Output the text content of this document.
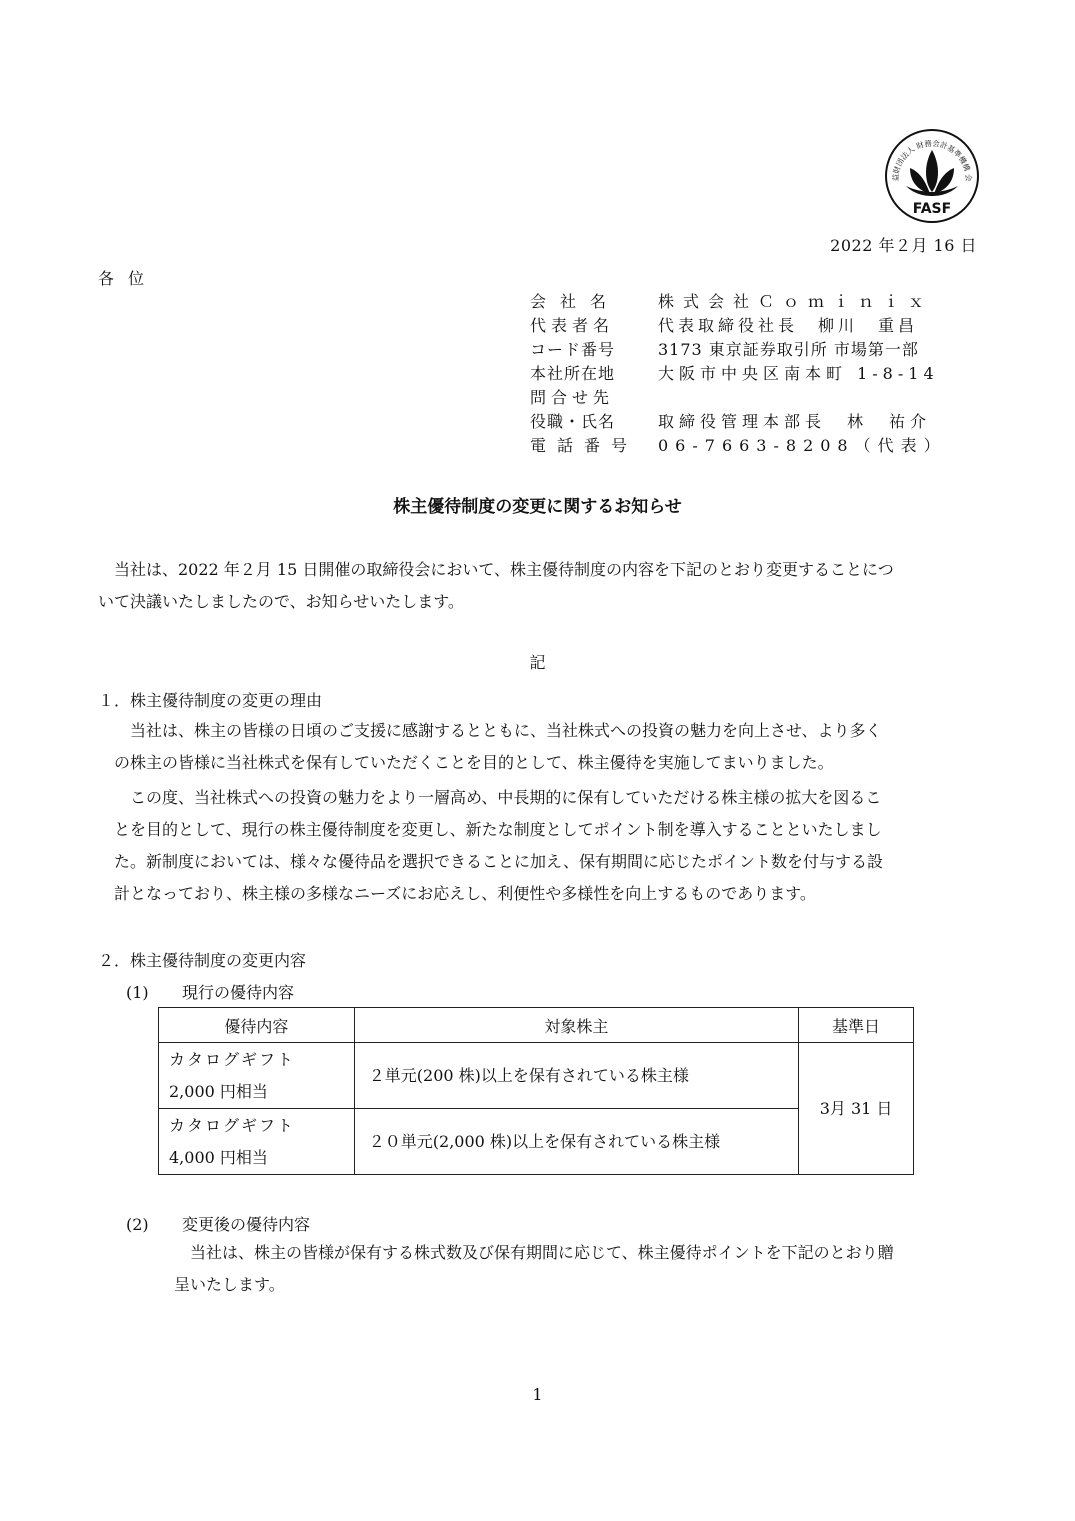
益財団法人 財務会計基準機構 会
FASF
2022 年２月 16 日
各位
会社名	株式会社Ｃｏｍｉｎｉｘ
代表者名	代表取締役社長　柳川　重昌
コード番号	3173 東京証券取引所 市場第一部
本社所在地	大阪市中央区南本町 1-8-14
問合せ先
役職・氏名	取締役管理本部長　林　祐介
電話番号	06-7663-8208（代表）
株主優待制度の変更に関するお知らせ
当社は、2022 年２月 15 日開催の取締役会において、株主優待制度の内容を下記のとおり変更することにつ
いて決議いたしましたので、お知らせいたします。
記
１．株主優待制度の変更の理由
当社は、株主の皆様の日頃のご支援に感謝するとともに、当社株式への投資の魅力を向上させ、より多く
の株主の皆様に当社株式を保有していただくことを目的として、株主優待を実施してまいりました。
この度、当社株式への投資の魅力をより一層高め、中長期的に保有していただける株主様の拡大を図るこ
とを目的として、現行の株主優待制度を変更し、新たな制度としてポイント制を導入することといたしまし
た。新制度においては、様々な優待品を選択できることに加え、保有期間に応じたポイント数を付与する設
計となっており、株主様の多様なニーズにお応えし、利便性や多様性を向上するものであります。
２．株主優待制度の変更内容
(1) 現行の優待内容
優待内容	対象株主	基準日

カタログギフト
2,000 円相当	２単元(200 株)以上を保有されている株主様	3月 31 日

カタログギフト
4,000 円相当	２０単元(2,000 株)以上を保有されている株主様	
(2) 変更後の優待内容
当社は、株主の皆様が保有する株式数及び保有期間に応じて、株主優待ポイントを下記のとおり贈
呈いたします。
1
